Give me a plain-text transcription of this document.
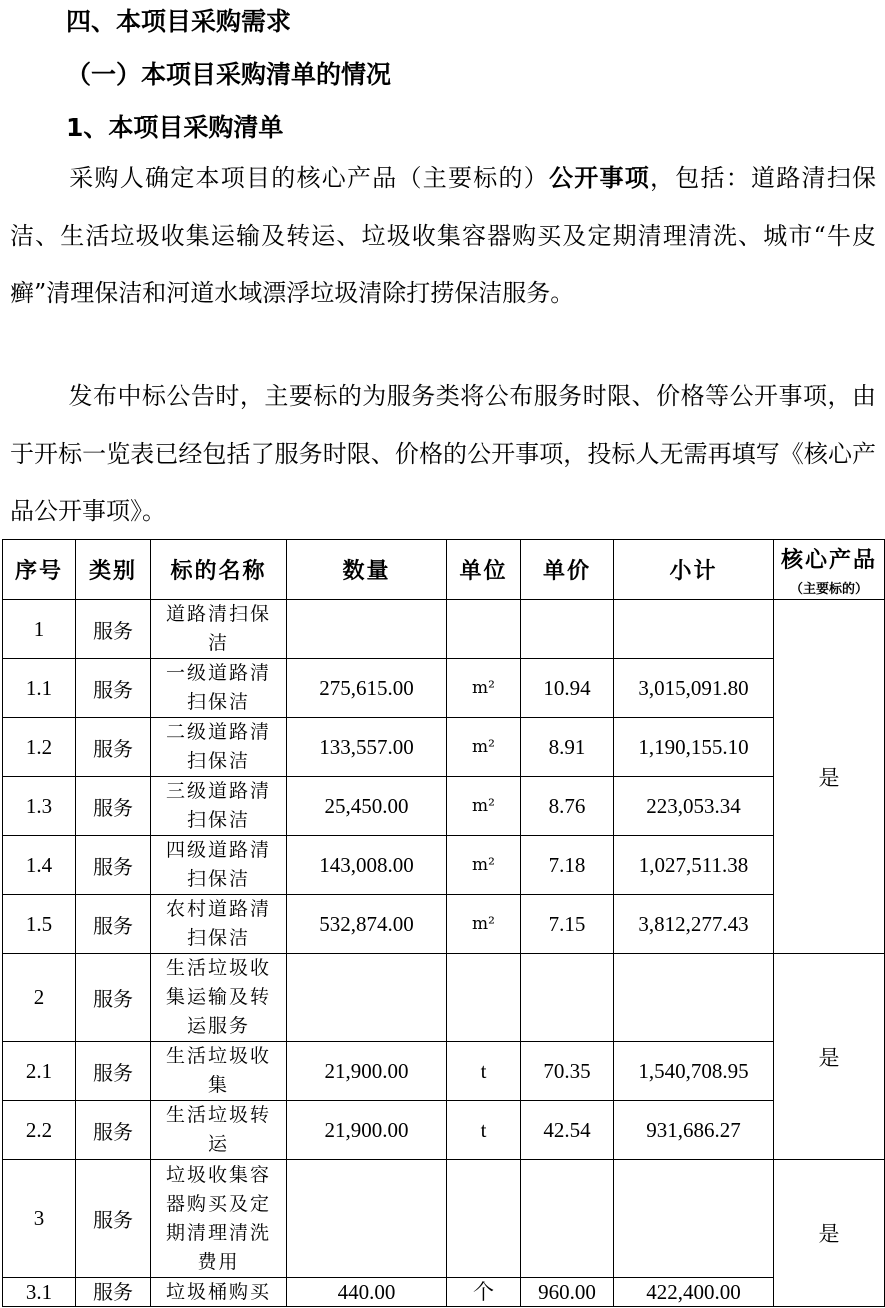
四、本项目采购需求
（一）本项目采购清单的情况
1、本项目采购清单
采购人确定本项目的核心产品（主要标的）公开事项，包括：道路清扫保洁、生活垃圾收集运输及转运、垃圾收集容器购买及定期清理清洗、城市“牛皮癣”清理保洁和河道水域漂浮垃圾清除打捞保洁服务。
发布中标公告时，主要标的为服务类将公布服务时限、价格等公开事项，由于开标一览表已经包括了服务时限、价格的公开事项，投标人无需再填写《核心产品公开事项》。
序号	类别	标的名称	数量	单位	单价	小计	核心产品
（主要标的）

1	服务	道路清扫保洁					是
1.1	服务	一级道路清扫保洁	275,615.00	m²	10.94	3,015,091.80	
1.2	服务	二级道路清扫保洁	133,557.00	m²	8.91	1,190,155.10	
1.3	服务	三级道路清扫保洁	25,450.00	m²	8.76	223,053.34	
1.4	服务	四级道路清扫保洁	143,008.00	m²	7.18	1,027,511.38	
1.5	服务	农村道路清扫保洁	532,874.00	m²	7.15	3,812,277.43	
2	服务	生活垃圾收集运输及转运服务					是
2.1	服务	生活垃圾收集	21,900.00	t	70.35	1,540,708.95	
2.2	服务	生活垃圾转运	21,900.00	t	42.54	931,686.27	
3	服务	垃圾收集容器购买及定期清理清洗费用					是
3.1	服务	垃圾桶购买	440.00	个	960.00	422,400.00	
